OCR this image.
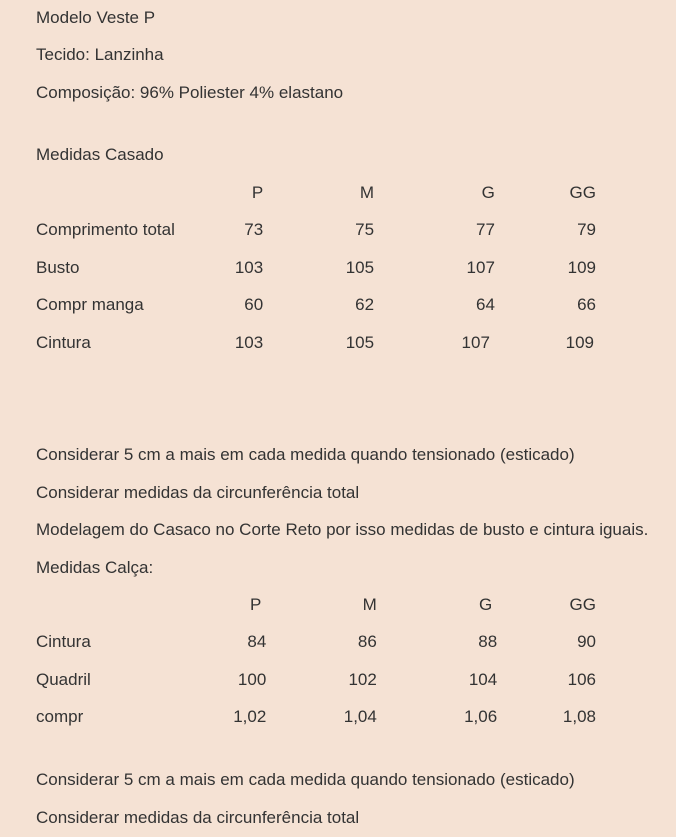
Modelo Veste P
Tecido: Lanzinha
Composição: 96% Poliester 4% elastano
Medidas Casado
	P	M	G	GG
Comprimento total	73	75	77	79
Busto	103	105	107	109
Compr manga	60	62	64	66
Cintura	103	105	107	109
Considerar 5 cm a mais em cada medida quando tensionado (esticado)
Considerar medidas da circunferência total
Modelagem do Casaco no Corte Reto por isso medidas de busto e cintura iguais.
Medidas Calça:
	P	M	G	GG
Cintura	84	86	88	90
Quadril	100	102	104	106
compr	1,02	1,04	1,06	1,08
Considerar 5 cm a mais em cada medida quando tensionado (esticado)
Considerar medidas da circunferência total
